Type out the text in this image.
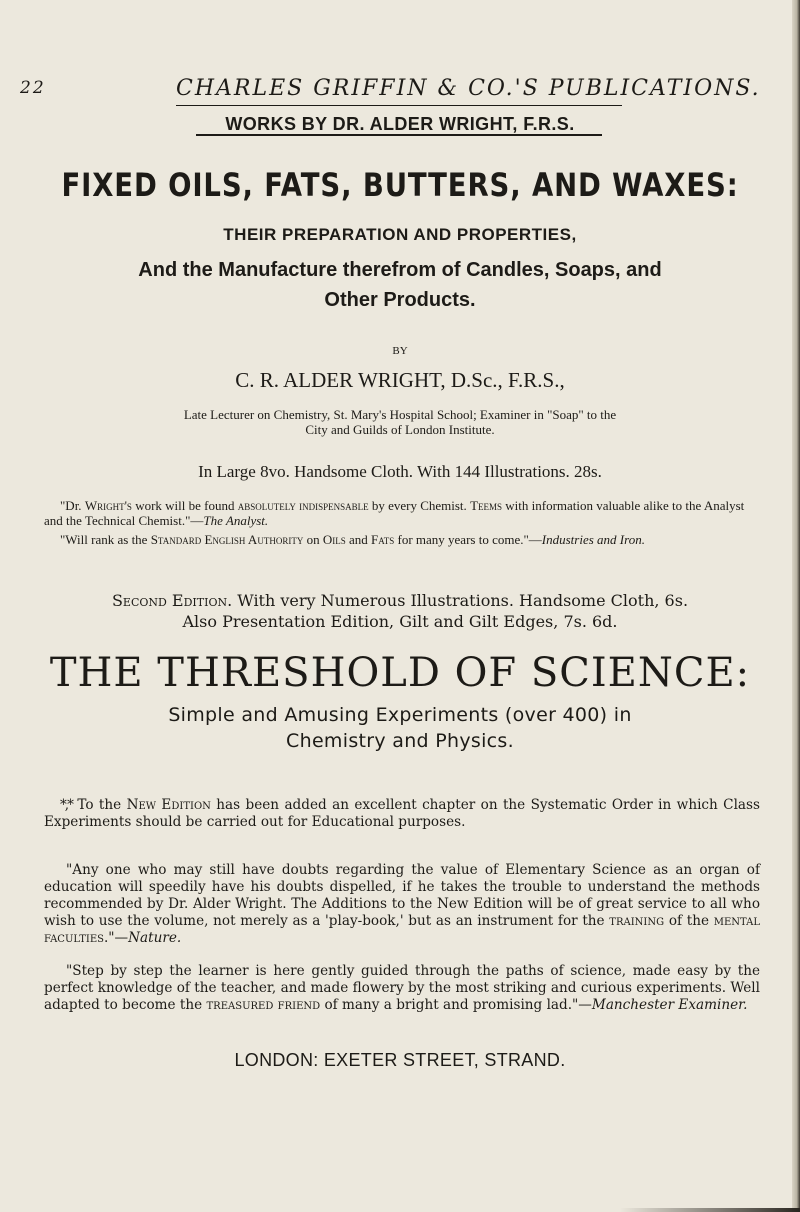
22	CHARLES GRIFFIN & CO.'S PUBLICATIONS.
WORKS BY DR. ALDER WRIGHT, F.R.S.
FIXED OILS, FATS, BUTTERS, AND WAXES:
THEIR PREPARATION AND PROPERTIES,
And the Manufacture therefrom of Candles, Soaps, and
Other Products.
BY
C. R. ALDER WRIGHT, D.Sc., F.R.S.,
Late Lecturer on Chemistry, St. Mary's Hospital School; Examiner in "Soap" to the
City and Guilds of London Institute.
In Large 8vo. Handsome Cloth. With 144 Illustrations. 28s.
"Dr. Wright's work will be found absolutely indispensable by every Chemist. Teems with information valuable alike to the Analyst and the Technical Chemist."—The Analyst.
"Will rank as the Standard English Authority on Oils and Fats for many years to come."—Industries and Iron.
Second Edition. With very Numerous Illustrations. Handsome Cloth, 6s.
Also Presentation Edition, Gilt and Gilt Edges, 7s. 6d.
THE THRESHOLD OF SCIENCE:
Simple and Amusing Experiments (over 400) in
Chemistry and Physics.
*,* To the New Edition has been added an excellent chapter on the Systematic Order in which Class Experiments should be carried out for Educational purposes.
"Any one who may still have doubts regarding the value of Elementary Science as an organ of education will speedily have his doubts dispelled, if he takes the trouble to understand the methods recommended by Dr. Alder Wright. The Additions to the New Edition will be of great service to all who wish to use the volume, not merely as a 'play-book,' but as an instrument for the training of the mental faculties."—Nature.
"Step by step the learner is here gently guided through the paths of science, made easy by the perfect knowledge of the teacher, and made flowery by the most striking and curious experiments. Well adapted to become the treasured friend of many a bright and promising lad."—Manchester Examiner.
LONDON: EXETER STREET, STRAND.
